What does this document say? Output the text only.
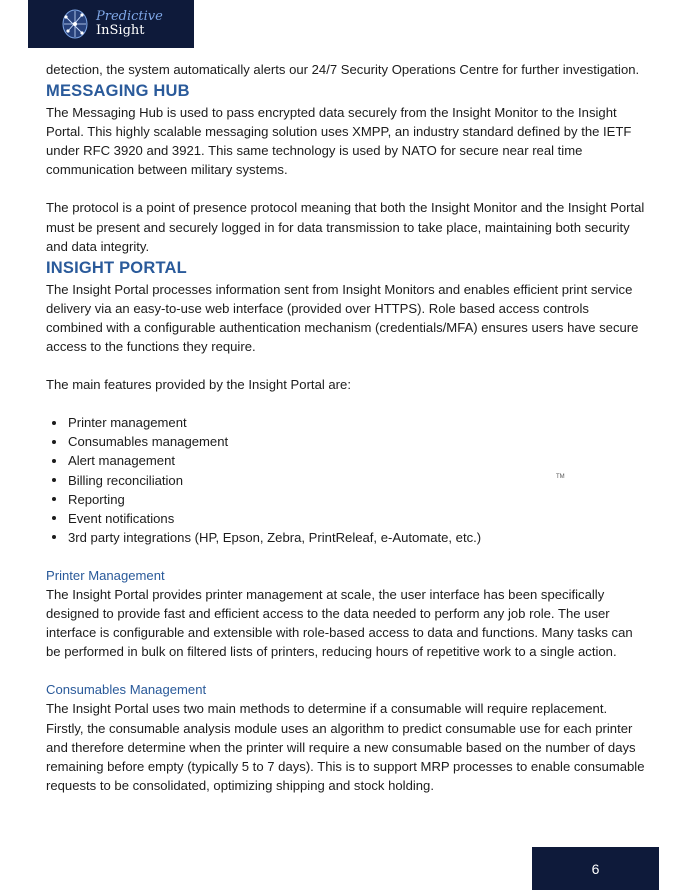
Predictive
InSight

detection, the system automatically alerts our 24/7 Security Operations Centre for further investigation.

MESSAGING HUB

The Messaging Hub is used to pass encrypted data securely from the Insight Monitor to the Insight Portal. This highly scalable messaging solution uses XMPP, an industry standard defined by the IETF under RFC 3920 and 3921. This same technology is used by NATO for secure near real time communication between military systems.

The protocol is a point of presence protocol meaning that both the Insight Monitor and the Insight Portal must be present and securely logged in for data transmission to take place, maintaining both security and data integrity.

INSIGHT PORTAL

The Insight Portal processes information sent from Insight Monitors and enables efficient print service delivery via an easy-to-use web interface (provided over HTTPS). Role based access controls combined with a configurable authentication mechanism (credentials/MFA) ensures users have secure access to the functions they require.

The main features provided by the Insight Portal are:

Printer management
Consumables management
Alert management
Billing reconciliation
Reporting
Event notifications
3rd party integrations (HP, Epson, Zebra, PrintReleaf, e-Automate, etc.)
Printer Management

The Insight Portal provides printer management at scale, the user interface has been specifically designed to provide fast and efficient access to the data needed to perform any job role. The user interface is configurable and extensible with role-based access to data and functions. Many tasks can be performed in bulk on filtered lists of printers, reducing hours of repetitive work to a single action.

Consumables Management

The Insight Portal uses two main methods to determine if a consumable will require replacement. Firstly, the consumable analysis module uses an algorithm to predict consumable use for each printer and therefore determine when the printer will require a new consumable based on the number of days remaining before empty (typically 5 to 7 days). This is to support MRP processes to enable consumable requests to be consolidated, optimizing shipping and stock holding.

TM
6
